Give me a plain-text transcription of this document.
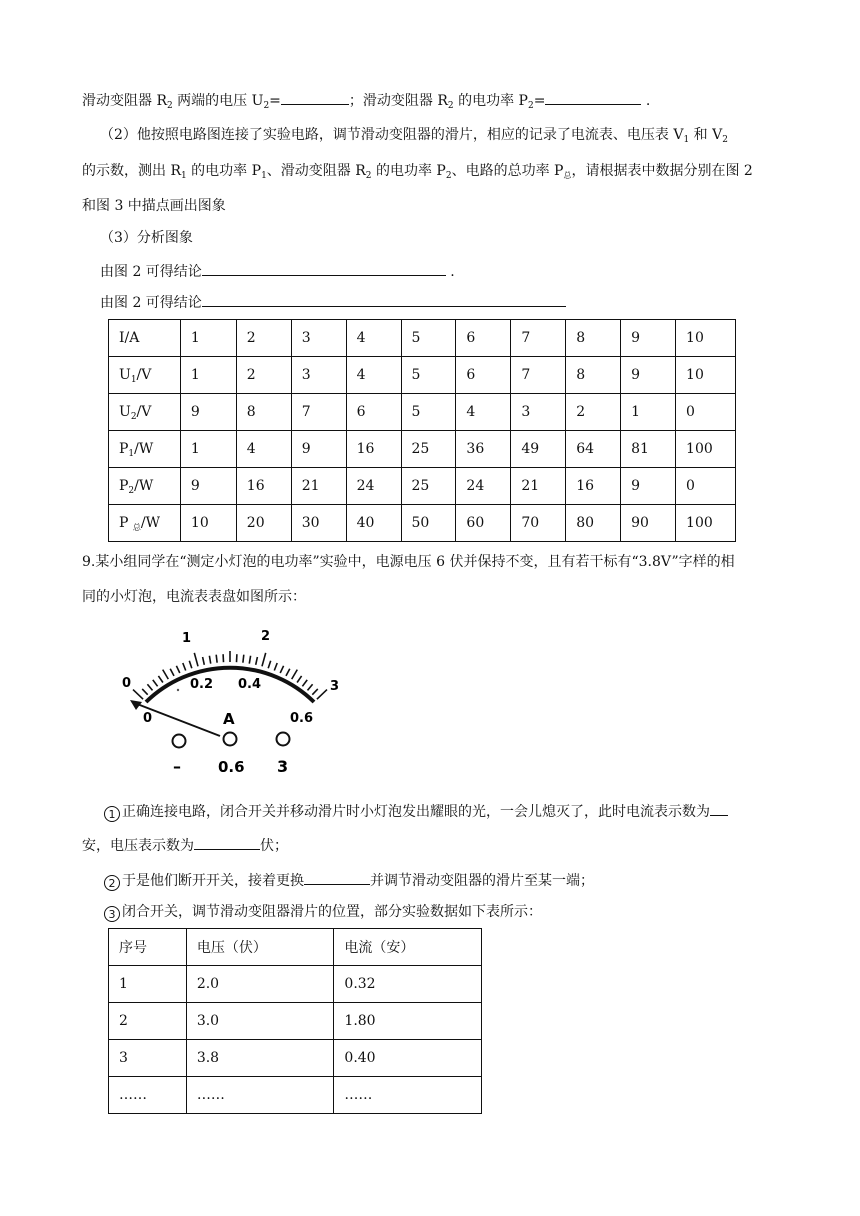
滑动变阻器 $R_2$ 两端的电压 $U_2=$	；滑动变阻器 $R_2$ 的电功率 $P_2=$	.
（2）他按照电路图连接了实验电路，调节滑动变阻器的滑片，相应的记录了电流表、电压表 $V_1$ 和 $V_2$
的示数，测出 $R_1$ 的电功率 $P_1$、滑动变阻器 $R_2$ 的电功率 $P_2$、电路的总功率 $P_总$，请根据表中数据分别在图 2
和图 3 中描点画出图象
（3）分析图象
由图 2 可得结论	.
由图 2 可得结论
I/A	1	2	3	4	5	6	7	8	9	10
$U_1/V$	1	2	3	4	5	6	7	8	9	10
$U_2/V$	9	8	7	6	5	4	3	2	1	0
$P_1/W$	1	4	9	16	25	36	49	64	81	100
$P_2/W$	9	16	21	24	25	24	21	16	9	0
P $_总$/W	10	20	30	40	50	60	70	80	90	100
9.某小组同学在“测定小灯泡的电功率”实验中，电源电压 6 伏并保持不变，且有若干标有“3.8V”字样的相
同的小灯泡，电流表表盘如图所示：
0
1	2
3
0
0.2 0.4
0.6
A
– 0.6 3
1 正确连接电路，闭合开关并移动滑片时小灯泡发出耀眼的光，一会儿熄灭了，此时电流表示数为
安，电压表示数为	伏；
2 于是他们断开开关，接着更换	并调节滑动变阻器的滑片至某一端；
3 闭合开关，调节滑动变阻器滑片的位置，部分实验数据如下表所示：
序号	电压（伏）	电流（安）
1	2.0	0.32
2	3.0	1.80
3	3.8	0.40
……	……	……
